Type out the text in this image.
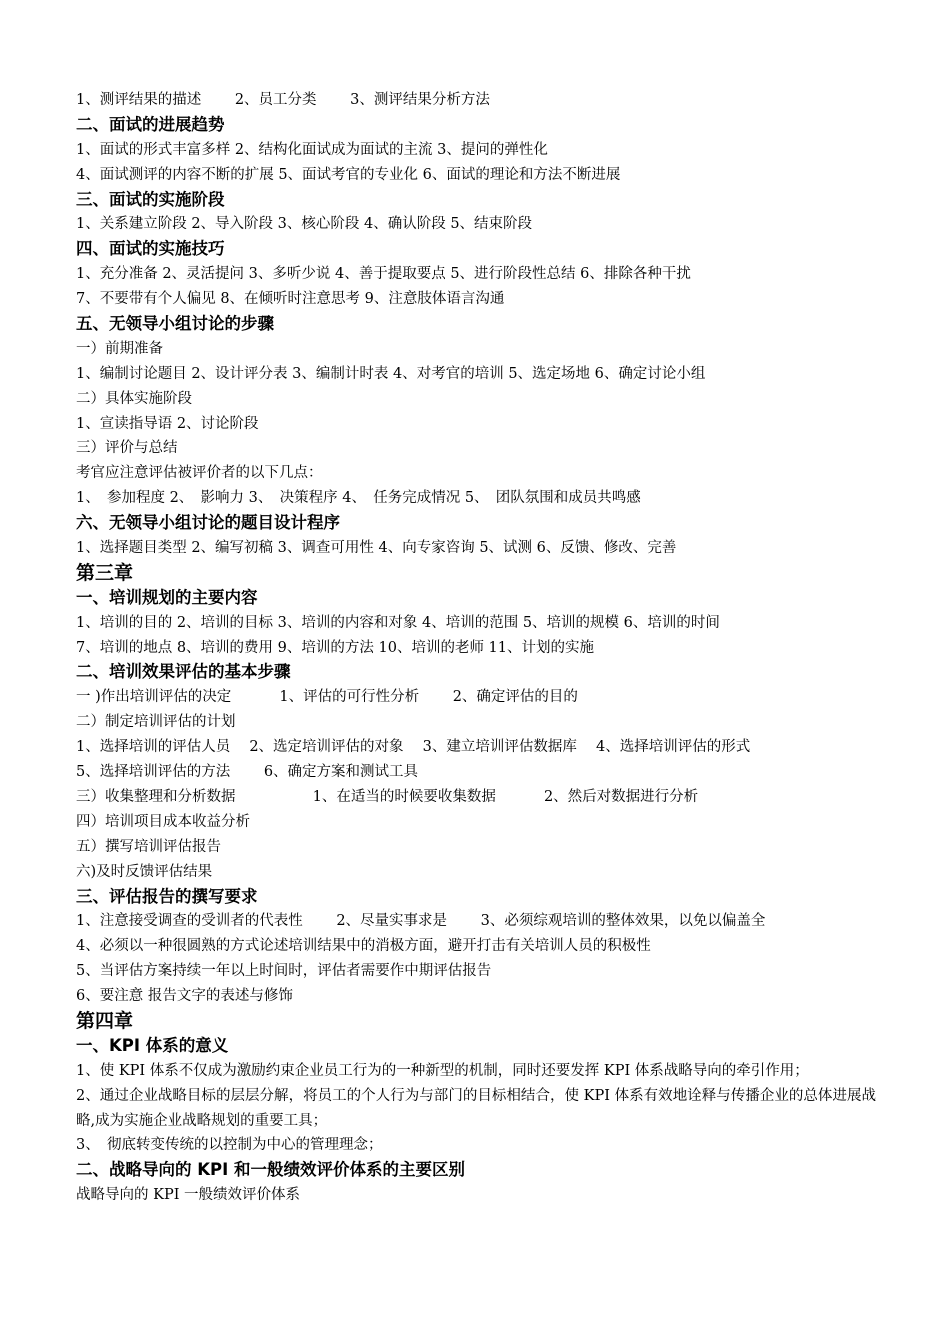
1、测评结果的描述　　 2、员工分类　　 3、测评结果分析方法
二、面试的进展趋势
1、面试的形式丰富多样 2、结构化面试成为面试的主流 3、提问的弹性化
4、面试测评的内容不断的扩展 5、面试考官的专业化 6、面试的理论和方法不断进展
三、面试的实施阶段
1、关系建立阶段 2、导入阶段 3、核心阶段 4、确认阶段 5、结束阶段
四、面试的实施技巧
1、充分准备 2、灵活提问 3、多听少说 4、善于提取要点 5、进行阶段性总结 6、排除各种干扰
7、不要带有个人偏见 8、在倾听时注意思考 9、注意肢体语言沟通
五、无领导小组讨论的步骤
一）前期准备
1、编制讨论题目 2、设计评分表 3、编制计时表 4、对考官的培训 5、选定场地 6、确定讨论小组
二）具体实施阶段
1、宣读指导语 2、讨论阶段
三）评价与总结
考官应注意评估被评价者的以下几点：
1、　参加程度 2、　影响力 3、　决策程序 4、　任务完成情况 5、　团队氛围和成员共鸣感
六、无领导小组讨论的题目设计程序
1、选择题目类型 2、编写初稿 3、调查可用性 4、向专家咨询 5、试测 6、反馈、修改、完善
第三章
一、培训规划的主要内容
1、培训的目的 2、培训的目标 3、培训的内容和对象 4、培训的范围 5、培训的规模 6、培训的时间
7、培训的地点 8、培训的费用 9、培训的方法 10、培训的老师 11、计划的实施
二、培训效果评估的基本步骤
一 )作出培训评估的决定　　　 1、评估的可行性分析　　 2、确定评估的目的
二）制定培训评估的计划
1、选择培训的评估人员　 2、选定培训评估的对象　 3、建立培训评估数据库　 4、选择培训评估的形式
5、选择培训评估的方法　　 6、确定方案和测试工具
三）收集整理和分析数据　　　　　 1、在适当的时候要收集数据　　　 2、然后对数据进行分析
四）培训项目成本收益分析
五）撰写培训评估报告
六)及时反馈评估结果
三、评估报告的撰写要求
1、注意接受调查的受训者的代表性　　 2、尽量实事求是　　 3、必须综观培训的整体效果，以免以偏盖全
4、必须以一种很圆熟的方式论述培训结果中的消极方面，避开打击有关培训人员的积极性
5、当评估方案持续一年以上时间时，评估者需要作中期评估报告
6、要注意 报告文字的表述与修饰
第四章
一、KPI 体系的意义
1、使 KPI 体系不仅成为激励约束企业员工行为的一种新型的机制，同时还要发挥 KPI 体系战略导向的牵引作用；
2、通过企业战略目标的层层分解，将员工的个人行为与部门的目标相结合，使 KPI 体系有效地诠释与传播企业的总体进展战略,成为实施企业战略规划的重要工具；
3、　彻底转变传统的以控制为中心的管理理念；
二、战略导向的 KPI 和一般绩效评价体系的主要区别
战略导向的 KPI 一般绩效评价体系
